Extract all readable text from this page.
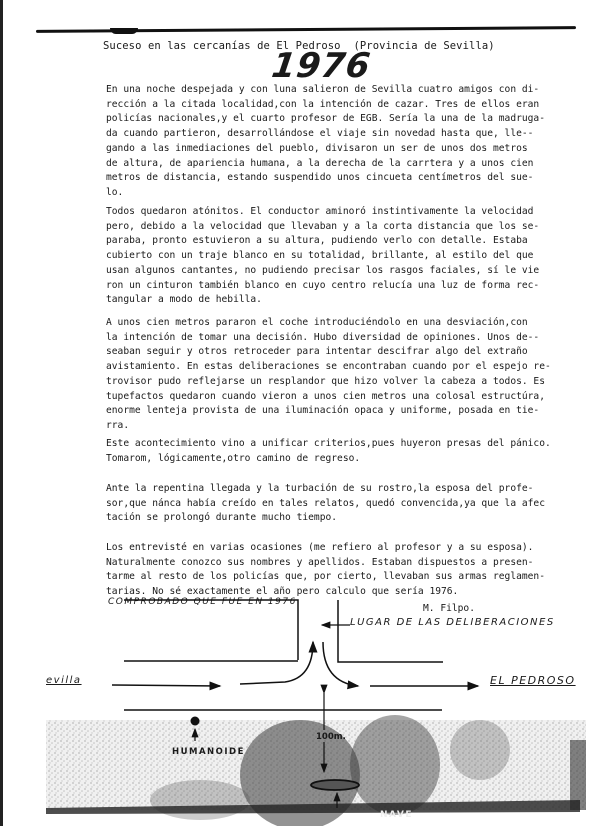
Suceso en las cercanías de El Pedroso  (Provincia de Sevilla)
1976
En una noche despejada y con luna salieron de Sevilla cuatro amigos con di-
rección a la citada localidad,con la intención de cazar. Tres de ellos eran
policías nacionales,y el cuarto profesor de EGB. Sería la una de la madruga-
da cuando partieron, desarrollándose el viaje sin novedad hasta que, lle--
gando a las inmediaciones del pueblo, divisaron un ser de unos dos metros
de altura, de apariencia humana, a la derecha de la carrtera y a unos cien
metros de distancia, estando suspendido unos cincueta centímetros del sue-
lo.
Todos quedaron atónitos. El conductor aminoró instintivamente la velocidad
pero, debido a la velocidad que llevaban y a la corta distancia que los se-
paraba, pronto estuvieron a su altura, pudiendo verlo con detalle. Estaba
cubierto con un traje blanco en su totalidad, brillante, al estilo del que
usan algunos cantantes, no pudiendo precisar los rasgos faciales, sí le vie
ron un cinturon también blanco en cuyo centro relucía una luz de forma rec-
tangular a modo de hebilla.
A unos cien metros pararon el coche introduciéndolo en una desviación,con
la intención de tomar una decisión. Hubo diversidad de opiniones. Unos de--
seaban seguir y otros retroceder para intentar descifrar algo del extraño
avistamiento. En estas deliberaciones se encontraban cuando por el espejo re-
trovisor pudo reflejarse un resplandor que hizo volver la cabeza a todos. Es
tupefactos quedaron cuando vieron a unos cien metros una colosal estructúra,
enorme lenteja provista de una iluminación opaca y uniforme, posada en tie-
rra.
Este acontecimiento vino a unificar criterios,pues huyeron presas del pánico.
Tomarom, lógicamente,otro camino de regreso.
Ante la repentina llegada y la turbación de su rostro,la esposa del profe-
sor,que nánca había creído en tales relatos, quedó convencida,ya que la afec
tación se prolongó durante mucho tiempo.
Los entrevisté en varias ocasiones (me refiero al profesor y a su esposa).
Naturalmente conozco sus nombres y apellidos. Estaban dispuestos a presen-
tarme al resto de los policías que, por cierto, llevaban sus armas reglamen-
tarias. No sé exactamente el año pero calculo que sería 1976.
COMPROBADO QUE FUE EN 1976
M. Filpo.
LUGAR DE LAS DELIBERACIONES
evilla	EL PEDROSO
100m.
HUMANOIDE
NAVE
